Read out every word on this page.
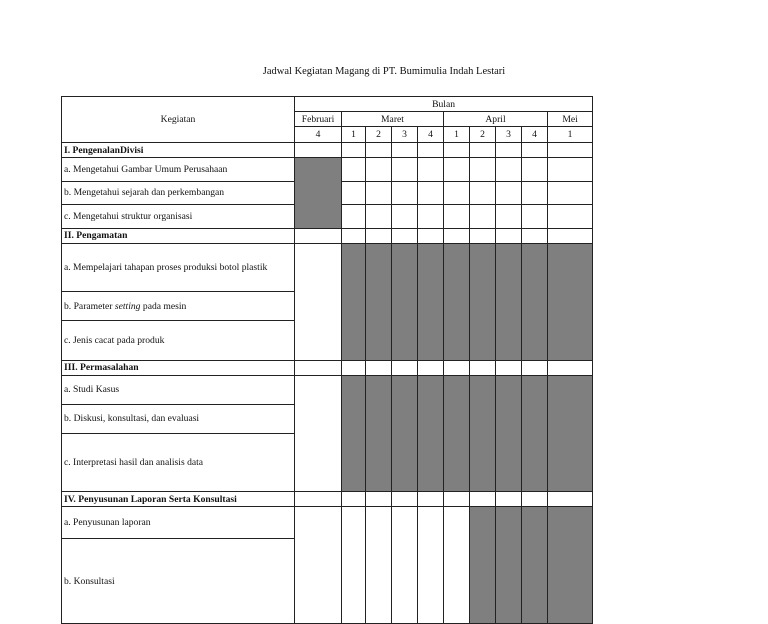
Jadwal Kegiatan Magang di PT. Bumimulia Indah Lestari
Kegiatan	Bulan	
	Februari	Maret				April				Mei	
	4	1	2	3	4	1	2	3	4	1	
I. PengenalanDivisi											
a. Mengetahui Gambar Umum Perusahaan											
b. Mengetahui sejarah dan perkembangan											
c. Mengetahui struktur organisasi											
II. Pengamatan											
a. Mempelajari tahapan proses produksi botol plastik											
b. Parameter setting pada mesin											
c. Jenis cacat pada produk											
III. Permasalahan											
a. Studi Kasus											
b. Diskusi, konsultasi, dan evaluasi											
c. Interpretasi hasil dan analisis data											
IV. Penyusunan Laporan Serta Konsultasi											
a. Penyusunan laporan											
b. Konsultasi											
